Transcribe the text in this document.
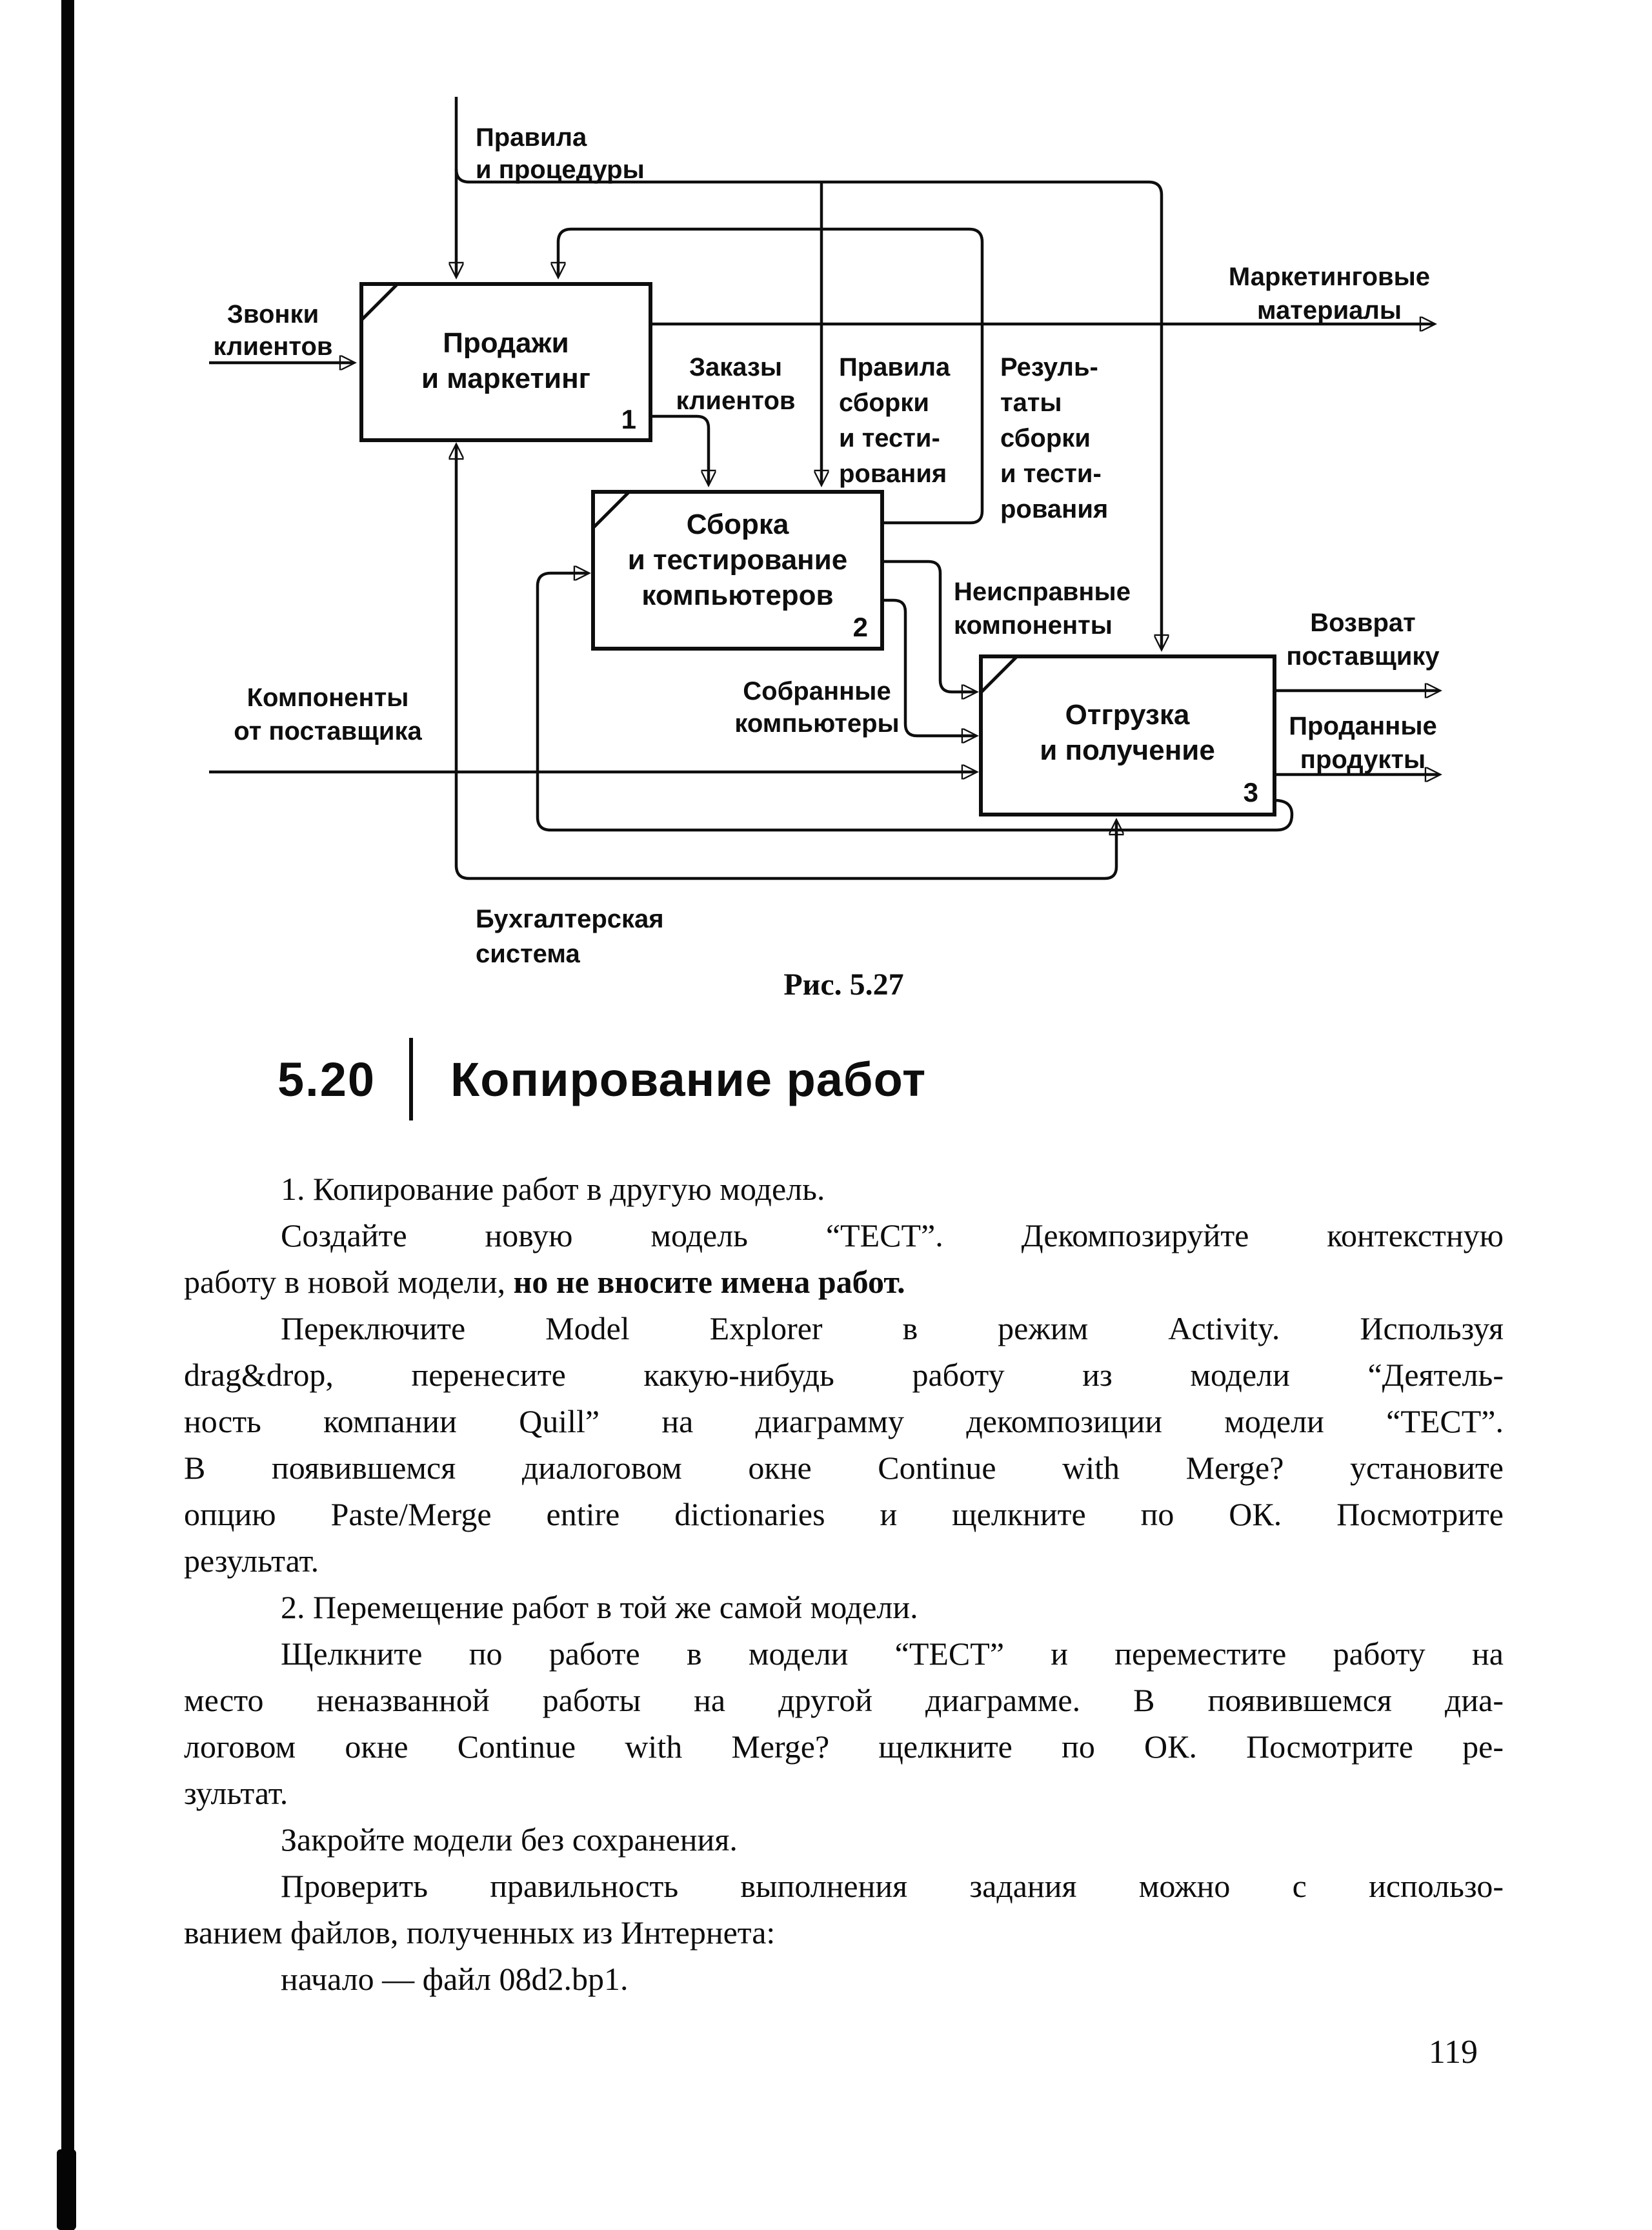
Продажи
и маркетинг
1
Сборка
и тестирование
компьютеров
2
Отгрузка
и получение
3
Правила
и процедуры
Звонки
клиентов
Заказы
клиентов
Правила
сборки
и тести-
рования
Резуль-
таты
сборки
и тести-
рования
Маркетинговые
материалы
Неисправные
компоненты
Собранные
компьютеры
Компоненты
от поставщика
Возврат
поставщику
Проданные
продукты
Бухгалтерская
система
Рис. 5.27
5.20 Копирование работ
1. Копирование работ в другую модель.
Создайте новую модель “ТЕСТ”. Декомпозируйте контекстную
работу в новой модели, но не вносите имена работ.
Переключите Model Explorer в режим Activity. Используя
drag&drop, перенесите какую-нибудь работу из модели “Деятель-
ность компании Quill” на диаграмму декомпозиции модели “ТЕСТ”.
В появившемся диалоговом окне Continue with Merge? установите
опцию Paste/Merge entire dictionaries и щелкните по ОК. Посмотрите
результат.
2. Перемещение работ в той же самой модели.
Щелкните по работе в модели “ТЕСТ” и переместите работу на
место неназванной работы на другой диаграмме. В появившемся диа-
логовом окне Continue with Merge? щелкните по ОК. Посмотрите ре-
зультат.
Закройте модели без сохранения.
Проверить правильность выполнения задания можно с использо-
ванием файлов, полученных из Интернета:
начало — файл 08d2.bp1.
119
